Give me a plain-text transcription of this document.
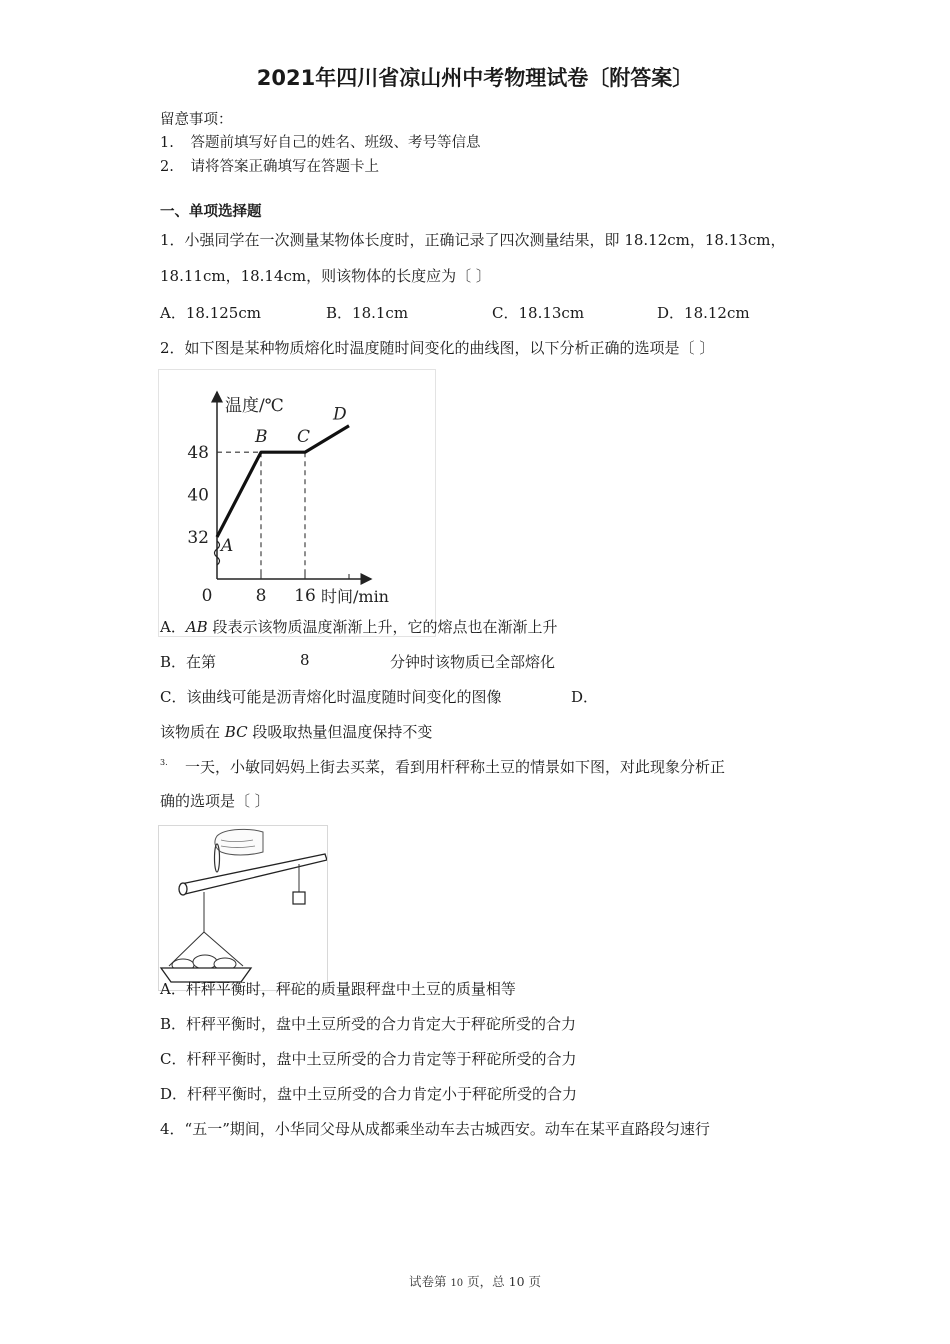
2021年四川省凉山州中考物理试卷〔附答案〕
留意事项：
1. 答题前填写好自己的姓名、班级、考号等信息
2. 请将答案正确填写在答题卡上
一、单项选择题
1．小强同学在一次测量某物体长度时，正确记录了四次测量结果，即 18.12cm，18.13cm，
18.11cm，18.14cm，则该物体的长度应为〔 〕
A．18.125cm	B．18.1cm	C．18.13cm	D．18.12cm
2．如下图是某种物质熔化时温度随时间变化的曲线图，以下分析正确的选项是〔 〕
A
B C
D
32
40
48
0	8 16
温度/℃
时间/min
A．AB 段表示该物质温度渐渐上升，它的熔点也在渐渐上升
B．在第	8	分钟时该物质已全部熔化
C．该曲线可能是沥青熔化时温度随时间变化的图像	D．
该物质在 BC 段吸取热量但温度保持不变
3. 一天，小敏同妈妈上街去买菜，看到用杆秤称土豆的情景如下图，对此现象分析正
确的选项是〔 〕
A．杆秤平衡时，秤砣的质量跟秤盘中土豆的质量相等
B．杆秤平衡时，盘中土豆所受的合力肯定大于秤砣所受的合力
C．杆秤平衡时，盘中土豆所受的合力肯定等于秤砣所受的合力
D．杆秤平衡时，盘中土豆所受的合力肯定小于秤砣所受的合力
4．“五一”期间，小华同父母从成都乘坐动车去古城西安。动车在某平直路段匀速行
试卷第 10 页，总 10 页
